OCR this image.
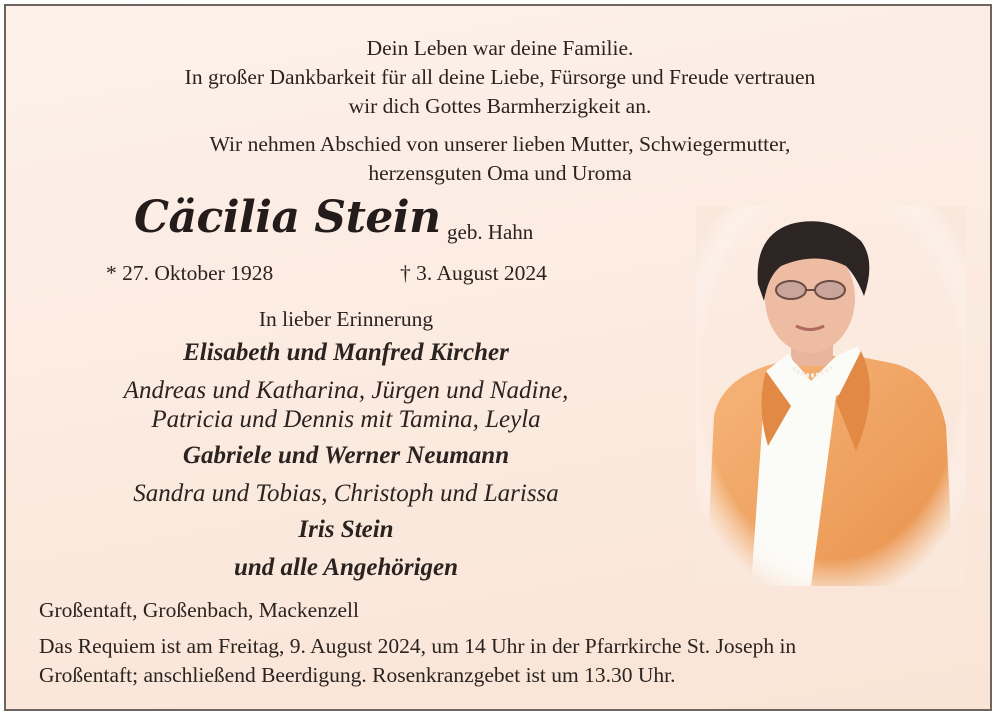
Dein Leben war deine Familie.
In großer Dankbarkeit für all deine Liebe, Fürsorge und Freude vertrauen
wir dich Gottes Barmherzigkeit an.
Wir nehmen Abschied von unserer lieben Mutter, Schwiegermutter,
herzensguten Oma und Uroma
Cäcilia Stein geb. Hahn
* 27. Oktober 1928	† 3. August 2024
In lieber Erinnerung
Elisabeth und Manfred Kircher
Andreas und Katharina, Jürgen und Nadine,
Patricia und Dennis mit Tamina, Leyla
Gabriele und Werner Neumann
Sandra und Tobias, Christoph und Larissa
Iris Stein
und alle Angehörigen
Großentaft, Großenbach, Mackenzell
Das Requiem ist am Freitag, 9. August 2024, um 14 Uhr in der Pfarrkirche St. Joseph in
Großentaft; anschließend Beerdigung. Rosenkranzgebet ist um 13.30 Uhr.
